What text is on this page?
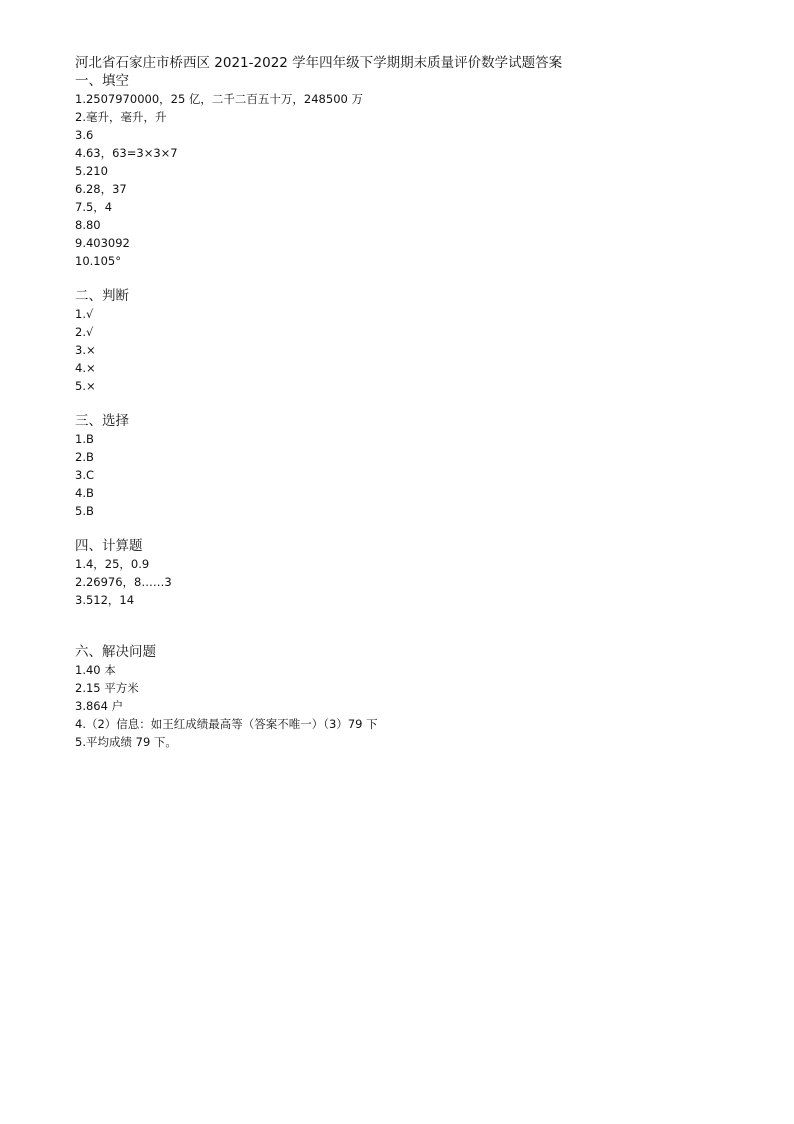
河北省石家庄市桥西区 2021-2022 学年四年级下学期期末质量评价数学试题答案
一、填空
1.2507970000，25 亿，二千二百五十万，248500 万
2.毫升，毫升，升
3.6
4.63，63=3×3×7
5.210
6.28，37
7.5，4
8.80
9.403092
10.105°
二、判断
1.√
2.√
3.×
4.×
5.×
三、选择
1.B
2.B
3.C
4.B
5.B
四、计算题
1.4，25，0.9
2.26976，8……3
3.512，14
六、解决问题
1.40 本
2.15 平方米
3.864 户
4.（2）信息：如王红成绩最高等（答案不唯一）（3）79 下
5.平均成绩 79 下。
